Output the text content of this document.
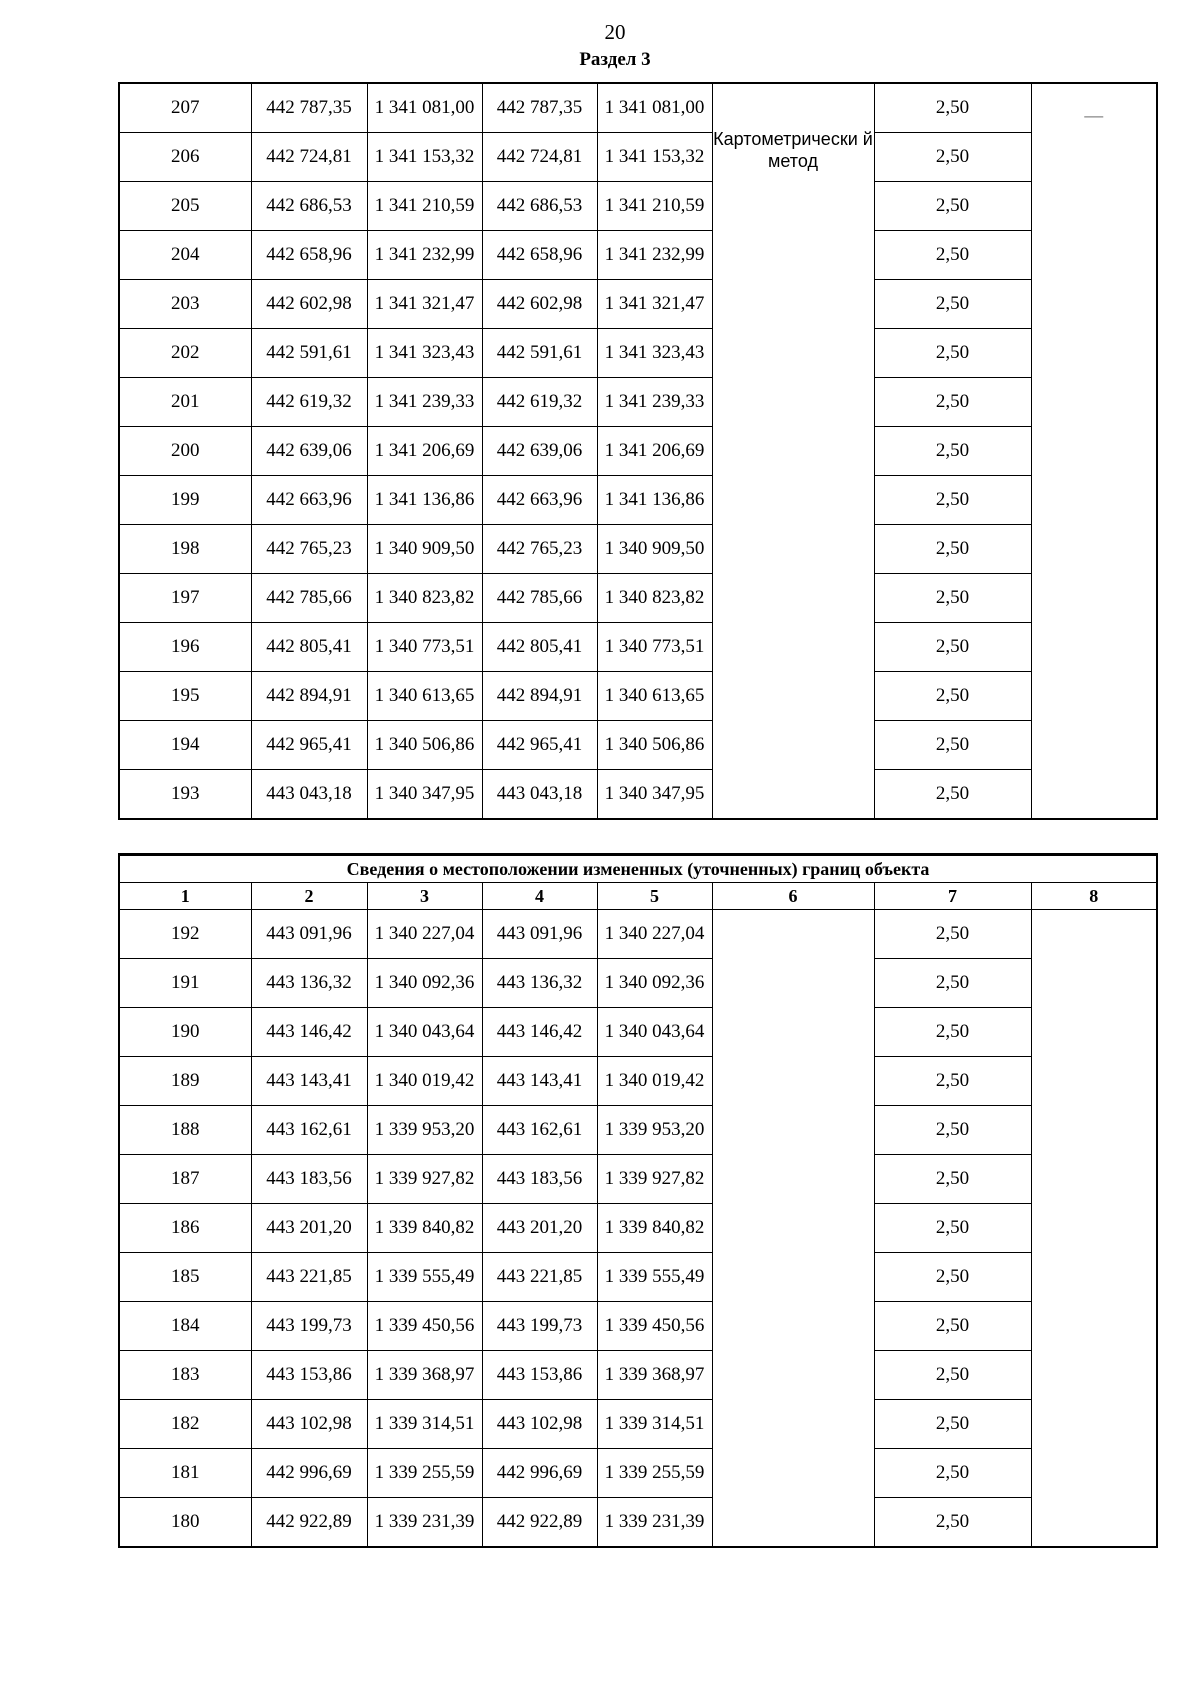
20
Раздел 3
207	442 787,35	1 341 081,00	442 787,35	1 341 081,00	Картометрически й метод	2,50	—
206	442 724,81	1 341 153,32	442 724,81	1 341 153,32		2,50	
205	442 686,53	1 341 210,59	442 686,53	1 341 210,59		2,50	
204	442 658,96	1 341 232,99	442 658,96	1 341 232,99		2,50	
203	442 602,98	1 341 321,47	442 602,98	1 341 321,47		2,50	
202	442 591,61	1 341 323,43	442 591,61	1 341 323,43		2,50	
201	442 619,32	1 341 239,33	442 619,32	1 341 239,33		2,50	
200	442 639,06	1 341 206,69	442 639,06	1 341 206,69		2,50	
199	442 663,96	1 341 136,86	442 663,96	1 341 136,86		2,50	
198	442 765,23	1 340 909,50	442 765,23	1 340 909,50		2,50	
197	442 785,66	1 340 823,82	442 785,66	1 340 823,82		2,50	
196	442 805,41	1 340 773,51	442 805,41	1 340 773,51		2,50	
195	442 894,91	1 340 613,65	442 894,91	1 340 613,65		2,50	
194	442 965,41	1 340 506,86	442 965,41	1 340 506,86		2,50	
193	443 043,18	1 340 347,95	443 043,18	1 340 347,95		2,50	
Сведения о местоположении измененных (уточненных) границ объекта							
1	2	3	4	5	6	7	8
192	443 091,96	1 340 227,04	443 091,96	1 340 227,04		2,50	
191	443 136,32	1 340 092,36	443 136,32	1 340 092,36		2,50	
190	443 146,42	1 340 043,64	443 146,42	1 340 043,64		2,50	
189	443 143,41	1 340 019,42	443 143,41	1 340 019,42		2,50	
188	443 162,61	1 339 953,20	443 162,61	1 339 953,20		2,50	
187	443 183,56	1 339 927,82	443 183,56	1 339 927,82		2,50	
186	443 201,20	1 339 840,82	443 201,20	1 339 840,82		2,50	
185	443 221,85	1 339 555,49	443 221,85	1 339 555,49		2,50	
184	443 199,73	1 339 450,56	443 199,73	1 339 450,56		2,50	
183	443 153,86	1 339 368,97	443 153,86	1 339 368,97		2,50	
182	443 102,98	1 339 314,51	443 102,98	1 339 314,51		2,50	
181	442 996,69	1 339 255,59	442 996,69	1 339 255,59		2,50	
180	442 922,89	1 339 231,39	442 922,89	1 339 231,39		2,50	
